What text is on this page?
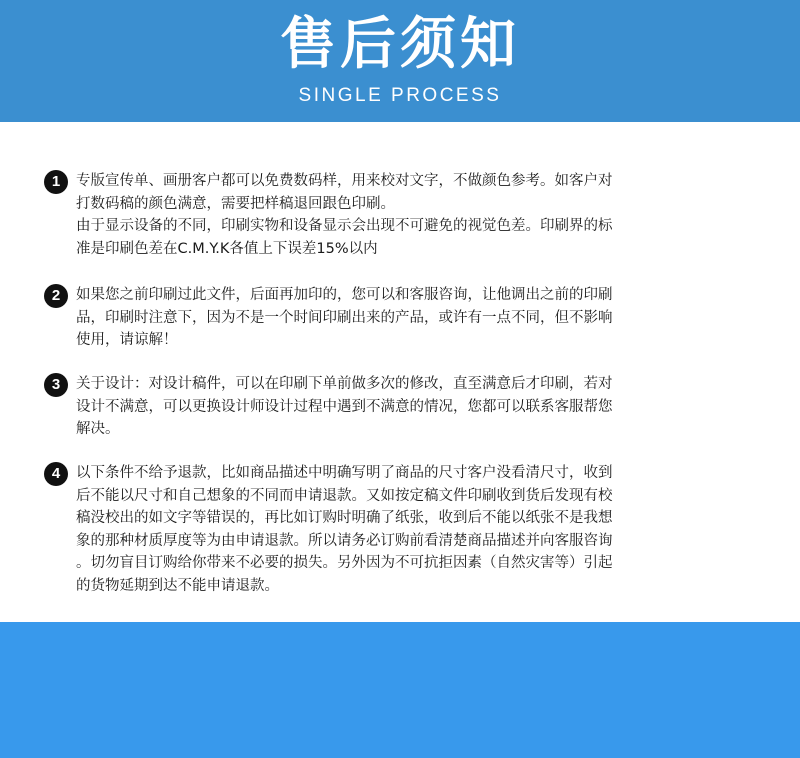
售后须知
SINGLE PROCESS
1	专版宣传单、画册客户都可以免费数码样，用来校对文字，不做颜色参考。如客户对
打数码稿的颜色满意，需要把样稿退回跟色印刷。
由于显示设备的不同，印刷实物和设备显示会出现不可避免的视觉色差。印刷界的标
准是印刷色差在C.M.Y.K各值上下误差15%以内
2	如果您之前印刷过此文件，后面再加印的，您可以和客服咨询，让他调出之前的印刷
品，印刷时注意下，因为不是一个时间印刷出来的产品，或许有一点不同，但不影响
使用，请谅解！
3	关于设计：对设计稿件，可以在印刷下单前做多次的修改，直至满意后才印刷，若对
设计不满意，可以更换设计师设计过程中遇到不满意的情况，您都可以联系客服帮您
解决。
4	以下条件不给予退款，比如商品描述中明确写明了商品的尺寸客户没看清尺寸，收到
后不能以尺寸和自己想象的不同而申请退款。又如按定稿文件印刷收到货后发现有校
稿没校出的如文字等错误的，再比如订购时明确了纸张，收到后不能以纸张不是我想
象的那种材质厚度等为由申请退款。所以请务必订购前看清楚商品描述并向客服咨询
。切勿盲目订购给你带来不必要的损失。另外因为不可抗拒因素（自然灾害等）引起
的货物延期到达不能申请退款。
